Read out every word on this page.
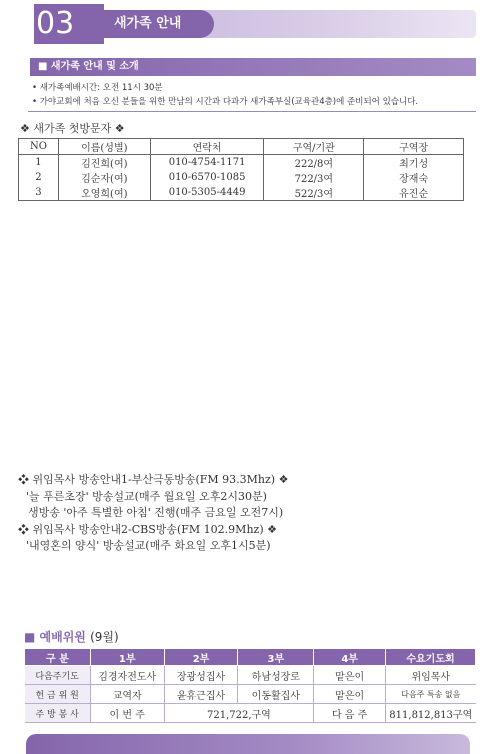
03	새가족 안내
■ 새가족 안내 및 소개
• 새가족예배시간: 오전 11시 30분
• 가야교회에 처음 오신 분들을 위한 만남의 시간과 다과가 새가족부실(교육관4층)에 준비되어 있습니다.
❖ 새가족 첫방문자 ❖
NO	이름(성별)	연락처	구역/기관	구역장
1	김진희(여)	010-4754-1171	222/8여	최기성
2	김순자(여)	010-6570-1085	722/3여	장재숙
3	오영희(여)	010-5305-4449	522/3여	유진순
❖ 위임목사 방송안내1-부산극동방송(FM 93.3Mhz) ❖
'늘 푸른초장' 방송설교(매주 월요일 오후2시30분)
생방송 '아주 특별한 아침' 진행(매주 금요일 오전7시)
❖ 위임목사 방송안내2-CBS방송(FM 102.9Mhz) ❖
'내영혼의 양식' 방송설교(매주 화요일 오후1시5분)
■ 예배위원 (9월)
구 분	1부	2부	3부	4부	수요기도회
다음주기도	김경자전도사	장광성집사	하남성장로	맡은이	위임목사
헌 금 위 원	교역자	윤휴근집사	이동활집사	맡은이	다음주 특송 없음
주 방 봉 사	이 번 주	721,722,구역		다 음 주	811,812,813구역
